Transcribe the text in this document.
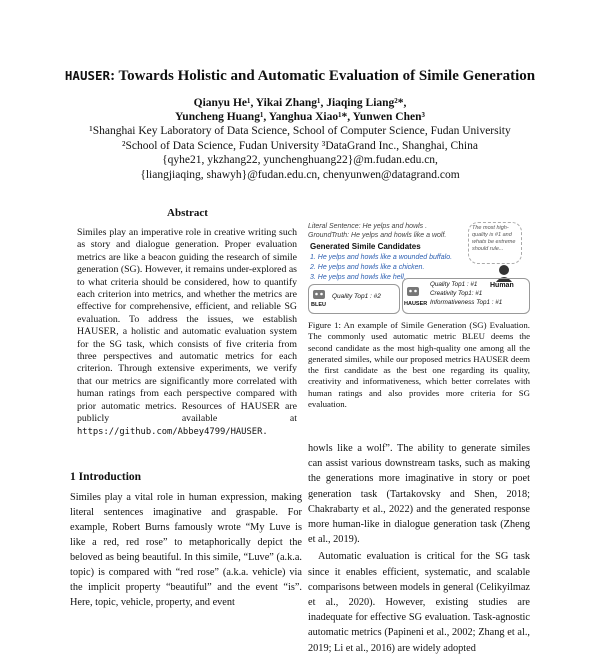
HAUSER: Towards Holistic and Automatic Evaluation of Simile Generation
Qianyu He¹, Yikai Zhang¹, Jiaqing Liang²*,
Yuncheng Huang¹, Yanghua Xiao¹*, Yunwen Chen³
¹Shanghai Key Laboratory of Data Science, School of Computer Science, Fudan University
²School of Data Science, Fudan University ³DataGrand Inc., Shanghai, China
{qyhe21, ykzhang22, yunchenghuang22}@m.fudan.edu.cn,
{liangjiaqing, shawyh}@fudan.edu.cn, chenyunwen@datagrand.com
Abstract
Similes play an imperative role in creative writing such as story and dialogue generation. Proper evaluation metrics are like a beacon guiding the research of simile generation (SG). However, it remains under-explored as to what criteria should be considered, how to quantify each criterion into metrics, and whether the metrics are effective for comprehensive, efficient, and reliable SG evaluation. To address the issues, we establish HAUSER, a holistic and automatic evaluation system for the SG task, which consists of five criteria from three perspectives and automatic metrics for each criterion. Through extensive experiments, we verify that our metrics are significantly more correlated with human ratings from each perspective compared with prior automatic metrics. Resources of HAUSER are publicly available at https://github.com/Abbey4799/HAUSER.
1 Introduction
Similes play a vital role in human expression, making literal sentences imaginative and graspable. For example, Robert Burns famously wrote “My Luve is like a red, red rose” to metaphorically depict the beloved as being beautiful. In this simile, “Luve” (a.k.a. topic) is compared with “red rose” (a.k.a. vehicle) via the implicit property “beautiful” and the event “is”. Here, topic, vehicle, property, and event
Literal Sentence: He yelps and howls .
GroundTruth: He yelps and howls like a wolf.
Generated Simile Candidates
1. He yelps and howls like a wounded buffalo.
2. He yelps and howls like a chicken.
3. He yelps and howls like hell.
The most high-quality is #1 and whats be extreme should rule...
Human
BLEU
Quality Top1 : #2
HAUSER
Quality Top1 : #1
Creativity Top1: #1
Informativeness Top1 : #1
Figure 1: An example of Simile Generation (SG) Evaluation. The commonly used automatic metric BLEU deems the second candidate as the most high-quality one among all the generated similes, while our proposed metrics HAUSER deem the first candidate as the best one regarding its quality, creativity and informativeness, which better correlates with human ratings and also provides more criteria for SG evaluation.
howls like a wolf”. The ability to generate similes can assist various downstream tasks, such as making the generations more imaginative in story or poet generation task (Tartakovsky and Shen, 2018; Chakrabarty et al., 2022) and the generated response more human-like in dialogue generation task (Zheng et al., 2019).
Automatic evaluation is critical for the SG task since it enables efficient, systematic, and scalable comparisons between models in general (Celikyilmaz et al., 2020). However, existing studies are inadequate for effective SG evaluation. Task-agnostic automatic metrics (Papineni et al., 2002; Zhang et al., 2019; Li et al., 2016) are widely adopted
